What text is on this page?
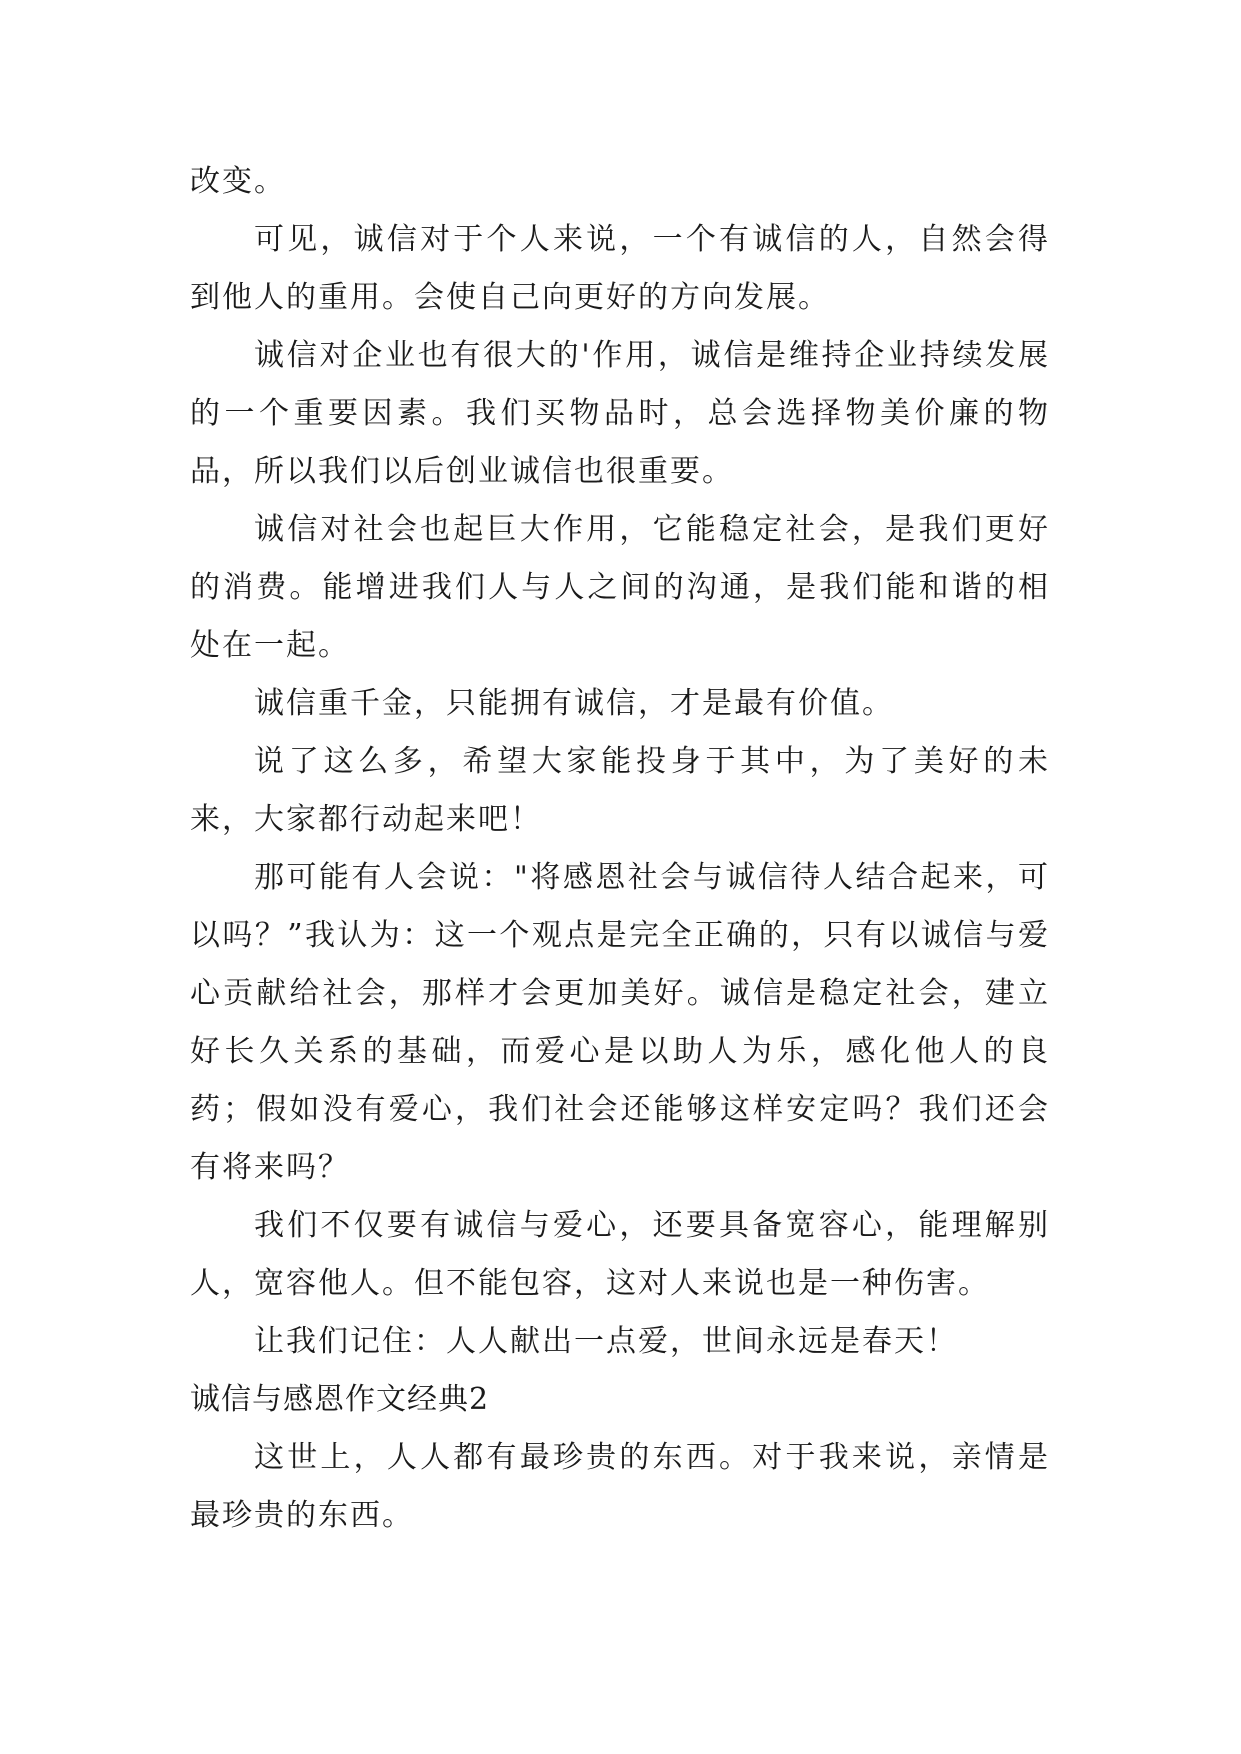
改变。

可见，诚信对于个人来说，一个有诚信的人，自然会得到他人的重用。会使自己向更好的方向发展。

诚信对企业也有很大的'作用，诚信是维持企业持续发展的一个重要因素。我们买物品时，总会选择物美价廉的物品，所以我们以后创业诚信也很重要。

诚信对社会也起巨大作用，它能稳定社会，是我们更好的消费。能增进我们人与人之间的沟通，是我们能和谐的相处在一起。

诚信重千金，只能拥有诚信，才是最有价值。

说了这么多，希望大家能投身于其中，为了美好的未来，大家都行动起来吧！

那可能有人会说："将感恩社会与诚信待人结合起来，可以吗？”我认为：这一个观点是完全正确的，只有以诚信与爱心贡献给社会，那样才会更加美好。诚信是稳定社会，建立好长久关系的基础，而爱心是以助人为乐，感化他人的良药；假如没有爱心，我们社会还能够这样安定吗？我们还会有将来吗？

我们不仅要有诚信与爱心，还要具备宽容心，能理解别人，宽容他人。但不能包容，这对人来说也是一种伤害。

让我们记住：人人献出一点爱，世间永远是春天！

诚信与感恩作文经典2

这世上，人人都有最珍贵的东西。对于我来说，亲情是最珍贵的东西。
